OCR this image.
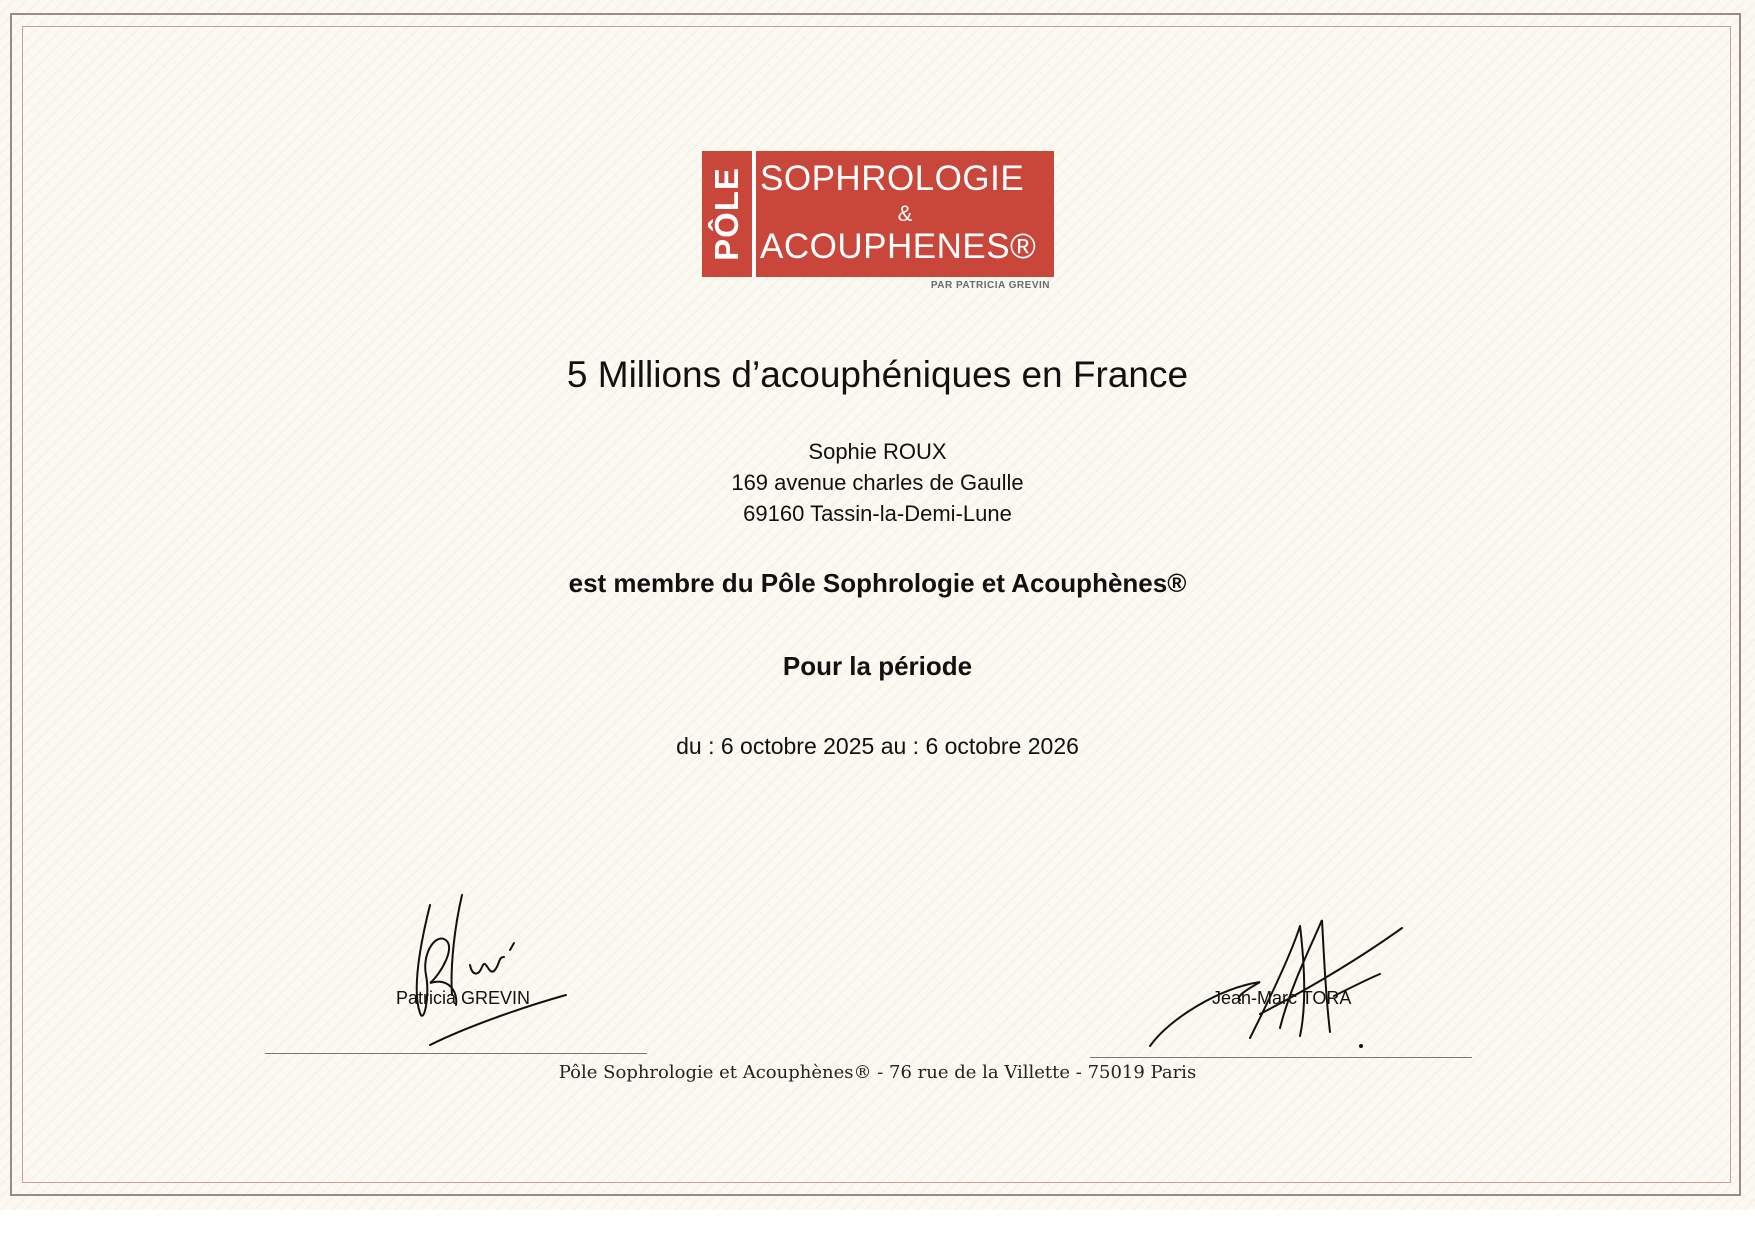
PÔLE SOPHROLOGIE
&
ACOUPHENES®
PAR PATRICIA GREVIN
5 Millions d’acouphéniques en France
Sophie ROUX
169 avenue charles de Gaulle
69160 Tassin-la-Demi-Lune
est membre du Pôle Sophrologie et Acouphènes®
Pour la période
du : 6 octobre 2025 au : 6 octobre 2026
Patricia GREVIN	Jean-Marc TORA
Pôle Sophrologie et Acouphènes® - 76 rue de la Villette - 75019 Paris
